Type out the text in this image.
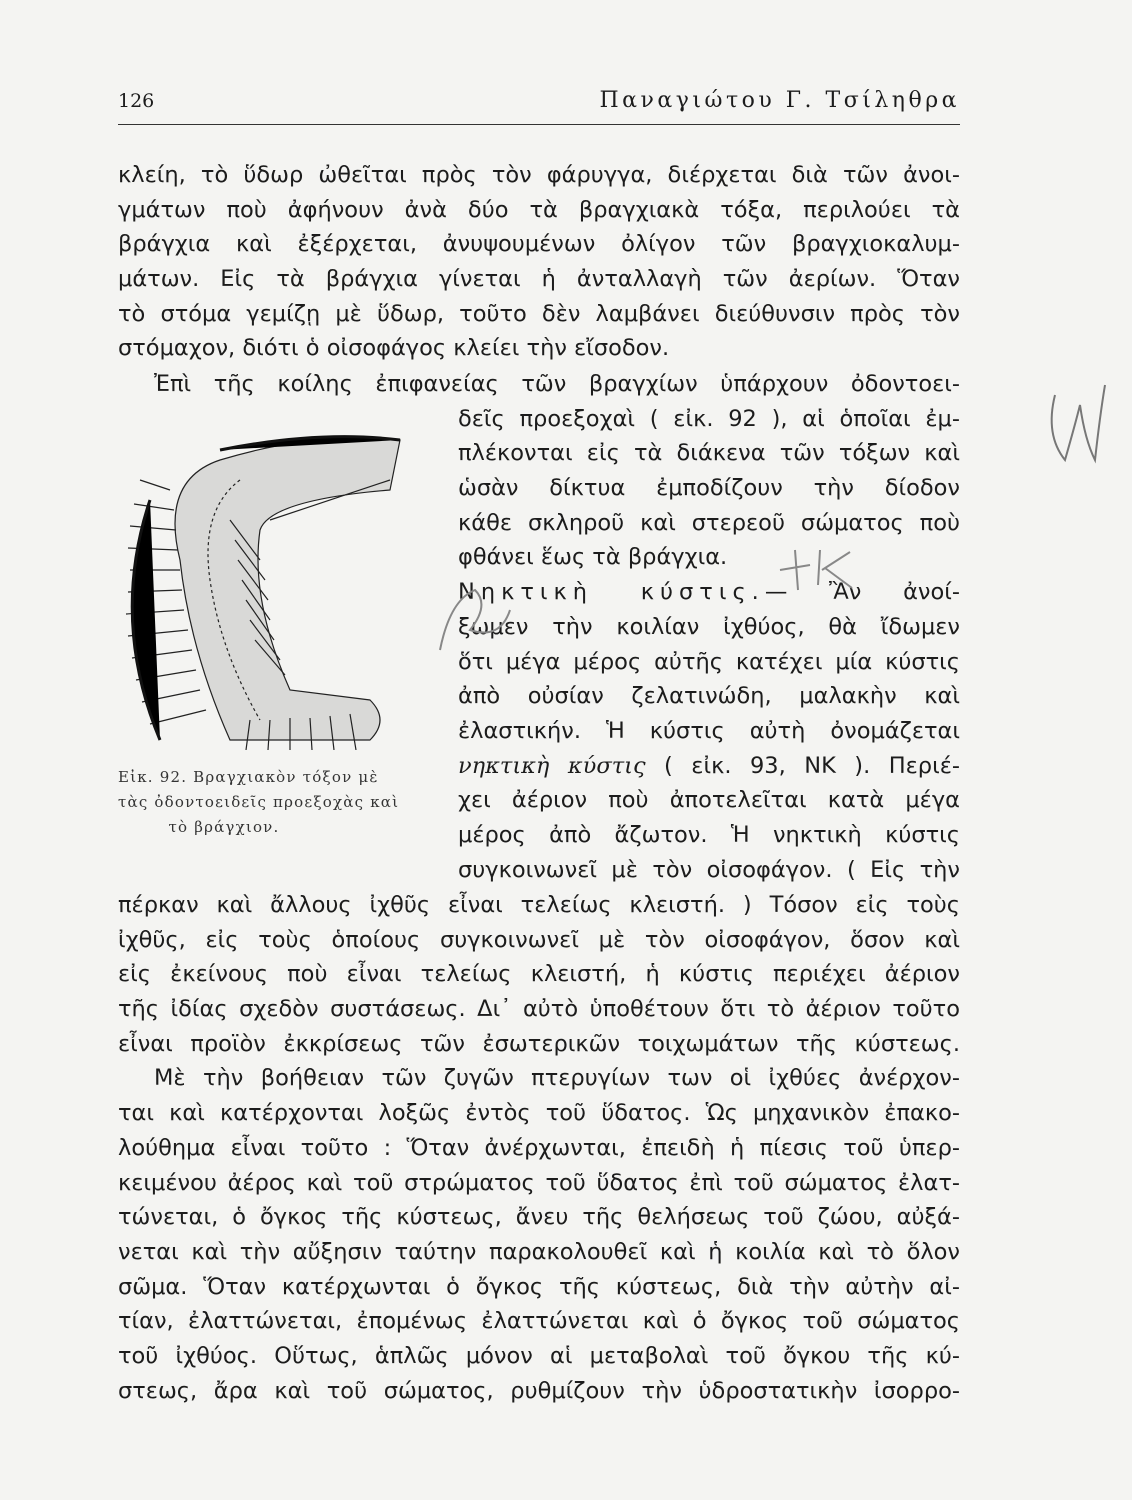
126	Παναγιώτου Γ. Τσίληθρα
κλείη, τὸ ὕδωρ ὠθεῖται πρὸς τὸν φάρυγγα, διέρχεται διὰ τῶν ἀνοι-
γμάτων ποὺ ἀφήνουν ἀνὰ δύο τὰ βραγχιακὰ τόξα, περιλούει τὰ
βράγχια καὶ ἐξέρχεται, ἀνυψουμένων ὀλίγον τῶν βραγχιοκαλυμ-
μάτων. Εἰς τὰ βράγχια γίνεται ἡ ἀνταλλαγὴ τῶν ἀερίων. Ὅταν
τὸ στόμα γεμίζῃ μὲ ὕδωρ, τοῦτο δὲν λαμβάνει διεύθυνσιν πρὸς τὸν
στόμαχον, διότι ὁ οἰσοφάγος κλείει τὴν εἴσοδον.
Ἐπὶ τῆς κοίλης ἐπιφανείας τῶν βραγχίων ὑπάρχουν ὀδοντοει-
δεῖς προεξοχαὶ ( εἰκ. 92 ), αἱ ὁποῖαι ἐμ-
πλέκονται εἰς τὰ διάκενα τῶν τόξων καὶ
ὡσὰν δίκτυα ἐμποδίζουν τὴν δίοδον
κάθε σκληροῦ καὶ στερεοῦ σώματος ποὺ
φθάνει ἕως τὰ βράγχια.
Νηκτικὴ κύστις.— Ἂν ἀνοί-
ξωμεν τὴν κοιλίαν ἰχθύος, θὰ ἴδωμεν
ὅτι μέγα μέρος αὐτῆς κατέχει μία κύστις
ἀπὸ οὐσίαν ζελατινώδη, μαλακὴν καὶ
ἐλαστικήν. Ἡ κύστις αὐτὴ ὀνομάζεται
νηκτικὴ κύστις ( εἰκ. 93, ΝΚ ). Περιέ-
χει ἀέριον ποὺ ἀποτελεῖται κατὰ μέγα
μέρος ἀπὸ ἄζωτον. Ἡ νηκτικὴ κύστις
συγκοινωνεῖ μὲ τὸν οἰσοφάγον. ( Εἰς τὴν
Εἰκ. 92. Βραγχιακὸν τόξον μὲ
τὰς ὀδοντοειδεῖς προεξοχὰς καὶ
τὸ βράγχιον.
πέρκαν καὶ ἄλλους ἰχθῦς εἶναι τελείως κλειστή. ) Τόσον εἰς τοὺς
ἰχθῦς, εἰς τοὺς ὁποίους συγκοινωνεῖ μὲ τὸν οἰσοφάγον, ὅσον καὶ
εἰς ἐκείνους ποὺ εἶναι τελείως κλειστή, ἡ κύστις περιέχει ἀέριον
τῆς ἰδίας σχεδὸν συστάσεως. Δι᾽ αὐτὸ ὑποθέτουν ὅτι τὸ ἀέριον τοῦτο
εἶναι προϊὸν ἐκκρίσεως τῶν ἐσωτερικῶν τοιχωμάτων τῆς κύστεως.
Μὲ τὴν βοήθειαν τῶν ζυγῶν πτερυγίων των οἱ ἰχθύες ἀνέρχον-
ται καὶ κατέρχονται λοξῶς ἐντὸς τοῦ ὕδατος. Ὡς μηχανικὸν ἐπακο-
λούθημα εἶναι τοῦτο : Ὅταν ἀνέρχωνται, ἐπειδὴ ἡ πίεσις τοῦ ὑπερ-
κειμένου ἀέρος καὶ τοῦ στρώματος τοῦ ὕδατος ἐπὶ τοῦ σώματος ἐλατ-
τώνεται, ὁ ὄγκος τῆς κύστεως, ἄνευ τῆς θελήσεως τοῦ ζώου, αὐξά-
νεται καὶ τὴν αὔξησιν ταύτην παρακολουθεῖ καὶ ἡ κοιλία καὶ τὸ ὅλον
σῶμα. Ὅταν κατέρχωνται ὁ ὄγκος τῆς κύστεως, διὰ τὴν αὐτὴν αἰ-
τίαν, ἐλαττώνεται, ἐπομένως ἐλαττώνεται καὶ ὁ ὄγκος τοῦ σώματος
τοῦ ἰχθύος. Οὕτως, ἁπλῶς μόνον αἱ μεταβολαὶ τοῦ ὄγκου τῆς κύ-
στεως, ἄρα καὶ τοῦ σώματος, ρυθμίζουν τὴν ὑδροστατικὴν ἰσορρο-
